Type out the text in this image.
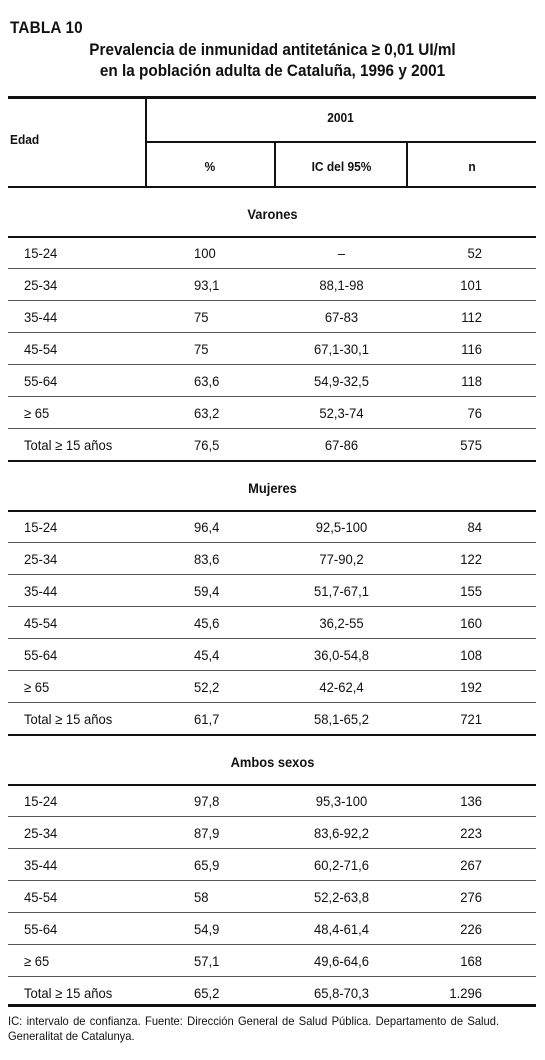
TABLA 10
Prevalencia de inmunidad antitetánica ≥ 0,01 UI/ml
en la población adulta de Cataluña, 1996 y 2001
Edad
2001
%	IC del 95%	n
Varones
15-24	100	–	52
25-34	93,1	88,1-98	101
35-44	75	67-83	112
45-54	75	67,1-30,1	116
55-64	63,6	54,9-32,5	118
≥ 65	63,2	52,3-74	76
Total ≥ 15 años	76,5	67-86	575
Mujeres
15-24	96,4	92,5-100	84
25-34	83,6	77-90,2	122
35-44	59,4	51,7-67,1	155
45-54	45,6	36,2-55	160
55-64	45,4	36,0-54,8	108
≥ 65	52,2	42-62,4	192
Total ≥ 15 años	61,7	58,1-65,2	721
Ambos sexos
15-24	97,8	95,3-100	136
25-34	87,9	83,6-92,2	223
35-44	65,9	60,2-71,6	267
45-54	58	52,2-63,8	276
55-64	54,9	48,4-61,4	226
≥ 65	57,1	49,6-64,6	168
Total ≥ 15 años	65,2	65,8-70,3	1.296
IC: intervalo de confianza. Fuente: Dirección General de Salud Pública. Departamento de Salud. Generalitat de Catalunya.
